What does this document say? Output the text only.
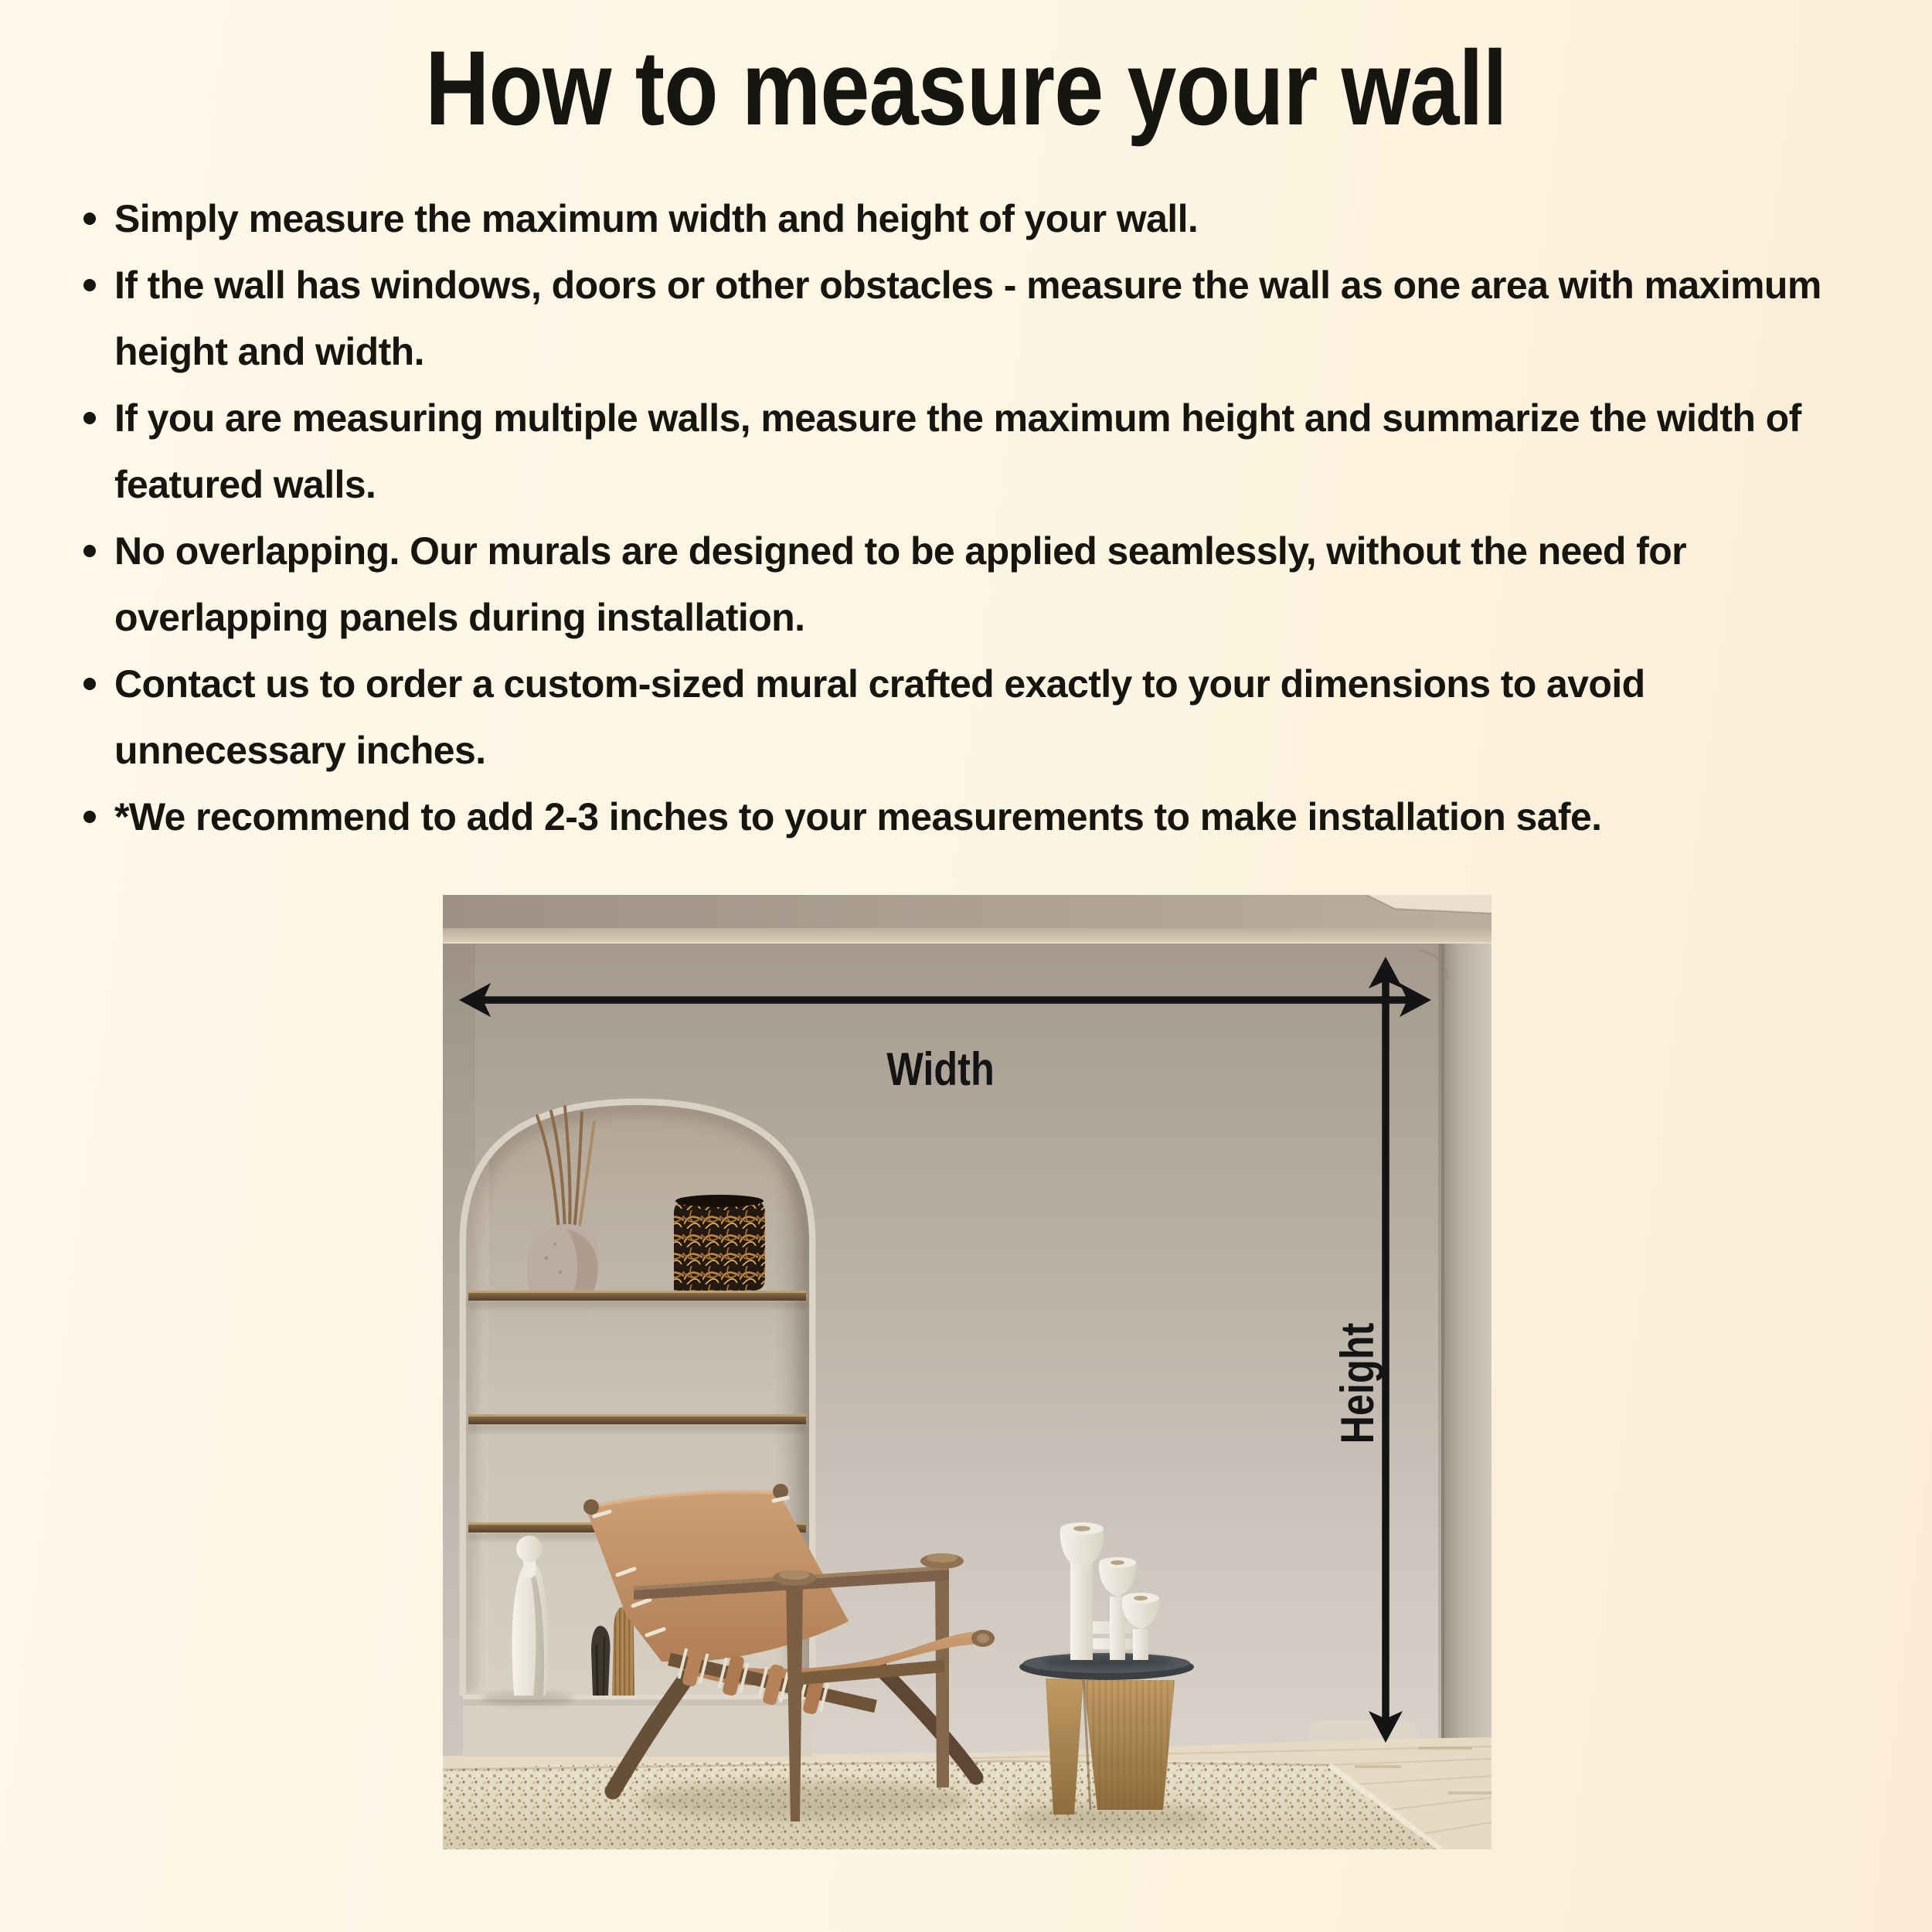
How to measure your wall
Simply measure the maximum width and height of your wall.
If the wall has windows, doors or other obstacles - measure the wall as one area with maximum height and width.
If you are measuring multiple walls, measure the maximum height and summarize the width of featured walls.
No overlapping. Our murals are designed to be applied seamlessly, without the need for overlapping panels during installation.
Contact us to order a custom-sized mural crafted exactly to your dimensions to avoid unnecessary inches.
*We recommend to add 2-3 inches to your measurements to make installation safe.
Width
Height
